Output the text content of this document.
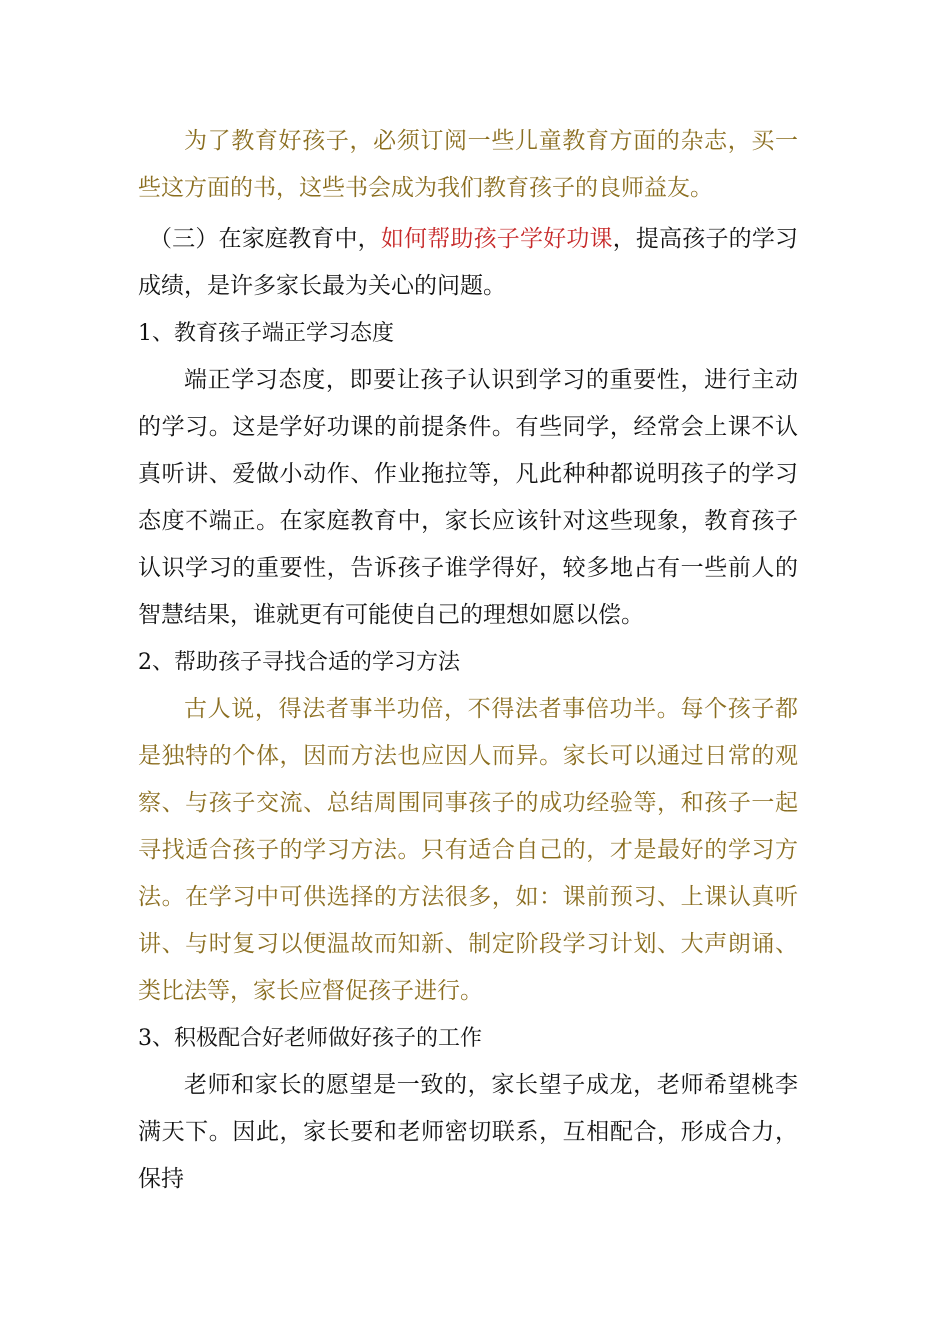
为了教育好孩子，必须订阅一些儿童教育方面的杂志，买一些这方面的书，这些书会成为我们教育孩子的良师益友。

（三）在家庭教育中，如何帮助孩子学好功课，提高孩子的学习成绩，是许多家长最为关心的问题。

1、教育孩子端正学习态度

端正学习态度，即要让孩子认识到学习的重要性，进行主动的学习。这是学好功课的前提条件。有些同学，经常会上课不认真听讲、爱做小动作、作业拖拉等，凡此种种都说明孩子的学习态度不端正。在家庭教育中，家长应该针对这些现象，教育孩子认识学习的重要性，告诉孩子谁学得好，较多地占有一些前人的智慧结果，谁就更有可能使自己的理想如愿以偿。

2、帮助孩子寻找合适的学习方法

古人说，得法者事半功倍，不得法者事倍功半。每个孩子都是独特的个体，因而方法也应因人而异。家长可以通过日常的观察、与孩子交流、总结周围同事孩子的成功经验等，和孩子一起寻找适合孩子的学习方法。只有适合自己的，才是最好的学习方法。在学习中可供选择的方法很多，如：课前预习、上课认真听讲、与时复习以便温故而知新、制定阶段学习计划、大声朗诵、类比法等，家长应督促孩子进行。

3、积极配合好老师做好孩子的工作

老师和家长的愿望是一致的，家长望子成龙，老师希望桃李满天下。因此，家长要和老师密切联系，互相配合，形成合力，保持
